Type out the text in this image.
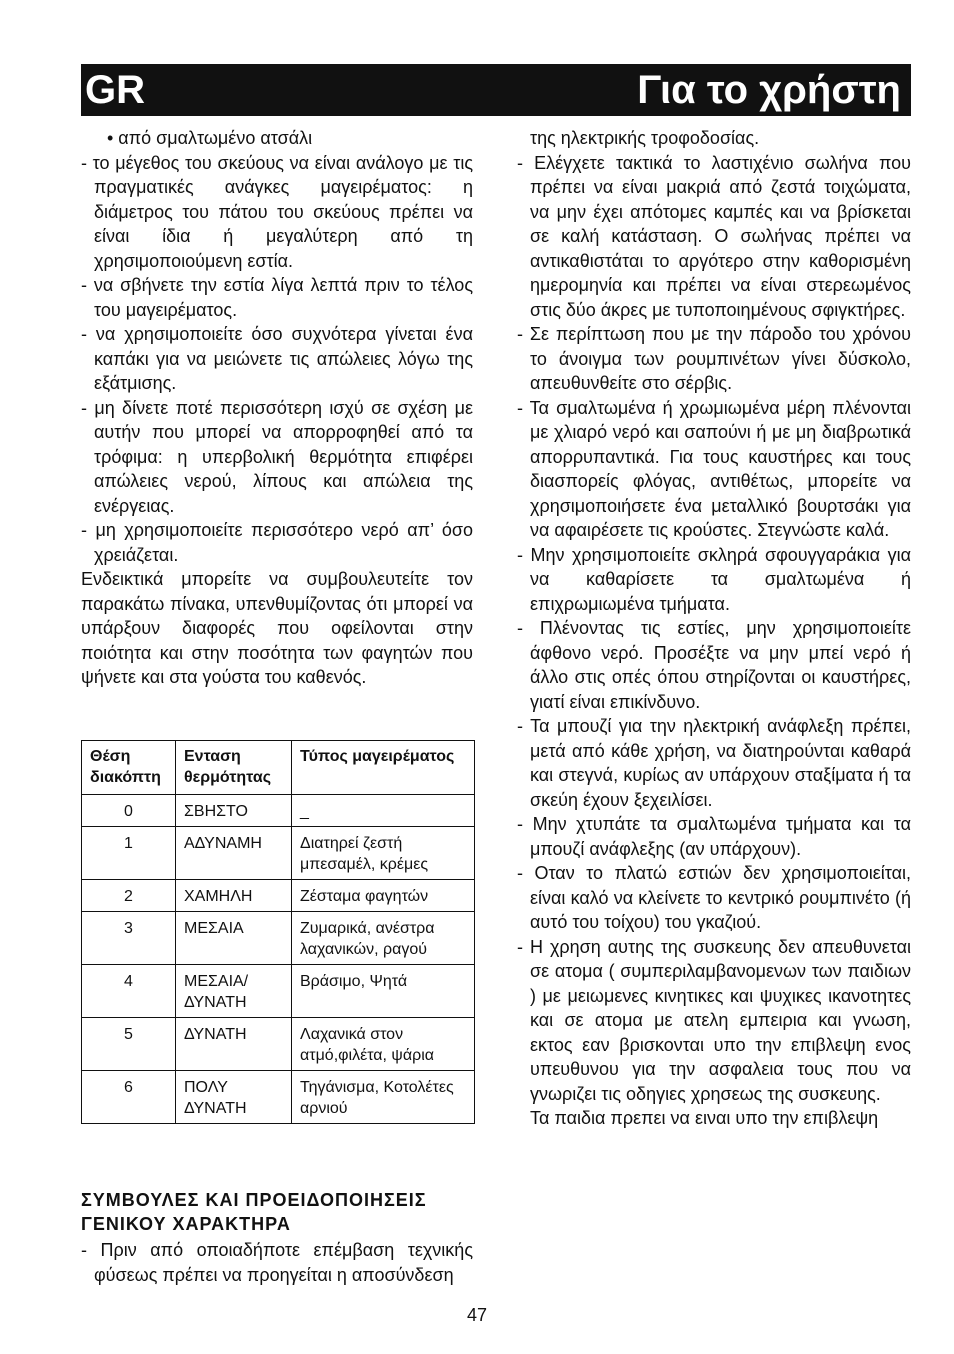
GR	Για το χρήστη

• από σμαλτωμένο ατσάλι

- το μέγεθος του σκεύους να είναι ανάλογο με τις πραγματικές ανάγκες μαγειρέματος: η διάμετρος του πάτου του σκεύους πρέπει να είναι ίδια ή μεγαλύτερη από τη χρησιμοποιούμενη εστία.

- να σβήνετε την εστία λίγα λεπτά πριν το τέλος του μαγειρέματος.

- να χρησιμοποιείτε όσο συχνότερα γίνεται ένα καπάκι για να μειώνετε τις απώλειες λόγω της εξάτμισης.

- μη δίνετε ποτέ περισσότερη ισχύ σε σχέση με αυτήν που μπορεί να απορροφηθεί από τα τρόφιμα: η υπερβολική θερμότητα επιφέρει απώλειες νερού, λίπους και απώλεια της ενέργειας.

- μη χρησιμοποιείτε περισσότερο νερό απ’ όσο χρειάζεται.

Ενδεικτικά μπορείτε να συμβουλευτείτε τον παρακάτω πίνακα, υπενθυμίζοντας ότι μπορεί να υπάρξουν διαφορές που οφείλονται στην ποιότητα και στην ποσότητα των φαγητών που ψήνετε και στα γούστα του καθενός.

Θέση διακόπτη	Ενταση θερμότητας	Τύπος μαγειρέματος
0	ΣΒΗΣΤΟ	_
1	ΑΔΥΝΑΜΗ	Διατηρεί ζεστή μπεσαμέλ, κρέμες
2	ΧΑΜΗΛΗ	Ζέσταμα φαγητών
3	ΜΕΣΑΙΑ	Ζυμαρικά, ανέστρα λαχανικών, ραγού
4	ΜΕΣΑΙΑ/ ΔΥΝΑΤΗ	Βράσιμο, Ψητά
5	ΔΥΝΑΤΗ	Λαχανικά στον ατμό,φιλέτα, ψάρια
6	ΠΟΛΥ ΔΥΝΑΤΗ	Τηγάνισμα, Κοτολέτες αρνιού
ΣΥΜΒΟΥΛΕΣ ΚΑΙ ΠΡΟΕΙΔΟΠΟΙΗΣΕΙΣ ΓΕΝΙΚΟΥ ΧΑΡΑΚΤΗΡΑ

- Πριν από οποιαδήποτε επέμβαση τεχνικής φύσεως πρέπει να προηγείται η αποσύνδεση

της ηλεκτρικής τροφοδοσίας.

- Ελέγχετε τακτικά το λαστιχένιο σωλήνα που πρέπει να είναι μακριά από ζεστά τοιχώματα, να μην έχει απότομες καμπές και να βρίσκεται σε καλή κατάσταση. Ο σωλήνας πρέπει να αντικαθιστάται το αργότερο στην καθορισμένη ημερομηνία και πρέπει να είναι στερεωμένος στις δύο άκρες με τυποποιημένους σφιγκτήρες.

- Σε περίπτωση που με την πάροδο του χρόνου το άνοιγμα των ρουμπινέτων γίνει δύσκολο, απευθυνθείτε στο σέρβις.

- Τα σμαλτωμένα ή χρωμιωμένα μέρη πλένονται με χλιαρό νερό και σαπούνι ή με μη διαβρωτικά απορρυπαντικά. Για τους καυστήρες και τους διασπορείς φλόγας, αντιθέτως, μπορείτε να χρησιμοποιήσετε ένα μεταλλικό βουρτσάκι για να αφαιρέσετε τις κρούστες. Στεγνώστε καλά.

- Μην χρησιμοποιείτε σκληρά σφουγγαράκια για να καθαρίσετε τα σμαλτωμένα ή επιχρωμιωμένα τμήματα.

- Πλένοντας τις εστίες, μην χρησιμοποιείτε άφθονο νερό. Προσέξτε να μην μπεί νερό ή άλλο στις οπές όπου στηρίζονται οι καυστήρες, γιατί είναι επικίνδυνο.

- Τα μπουζί για την ηλεκτρική ανάφλεξη πρέπει, μετά από κάθε χρήση, να διατηρούνται καθαρά και στεγνά, κυρίως αν υπάρχουν σταξίματα ή τα σκεύη έχουν ξεχειλίσει.

- Μην χτυπάτε τα σμαλτωμένα τμήματα και τα μπουζί ανάφλεξης (αν υπάρχουν).

- Οταν το πλατώ εστιών δεν χρησιμοποιείται, είναι καλό να κλείνετε το κεντρικό ρουμπινέτο (ή αυτό του τοίχου) του γκαζιού.

- Η χρηση αυτης της συσκευης δεν απευθυνεται σε ατομα ( συμπεριλαμβανομενων των παιδιων ) με μειωμενες κινητικες και ψυχικες ικανοτητες και σε ατομα με ατελη εμπειρια και γνωση, εκτος εαν βρισκονται υπο την επιβλεψη ενος υπευθυνου για την ασφαλεια τους που να γνωριζει τις οδηγιες χρησεως της συσκευης.

Τα παιδια πρεπει να ειναι υπο την επιβλεψη

47
